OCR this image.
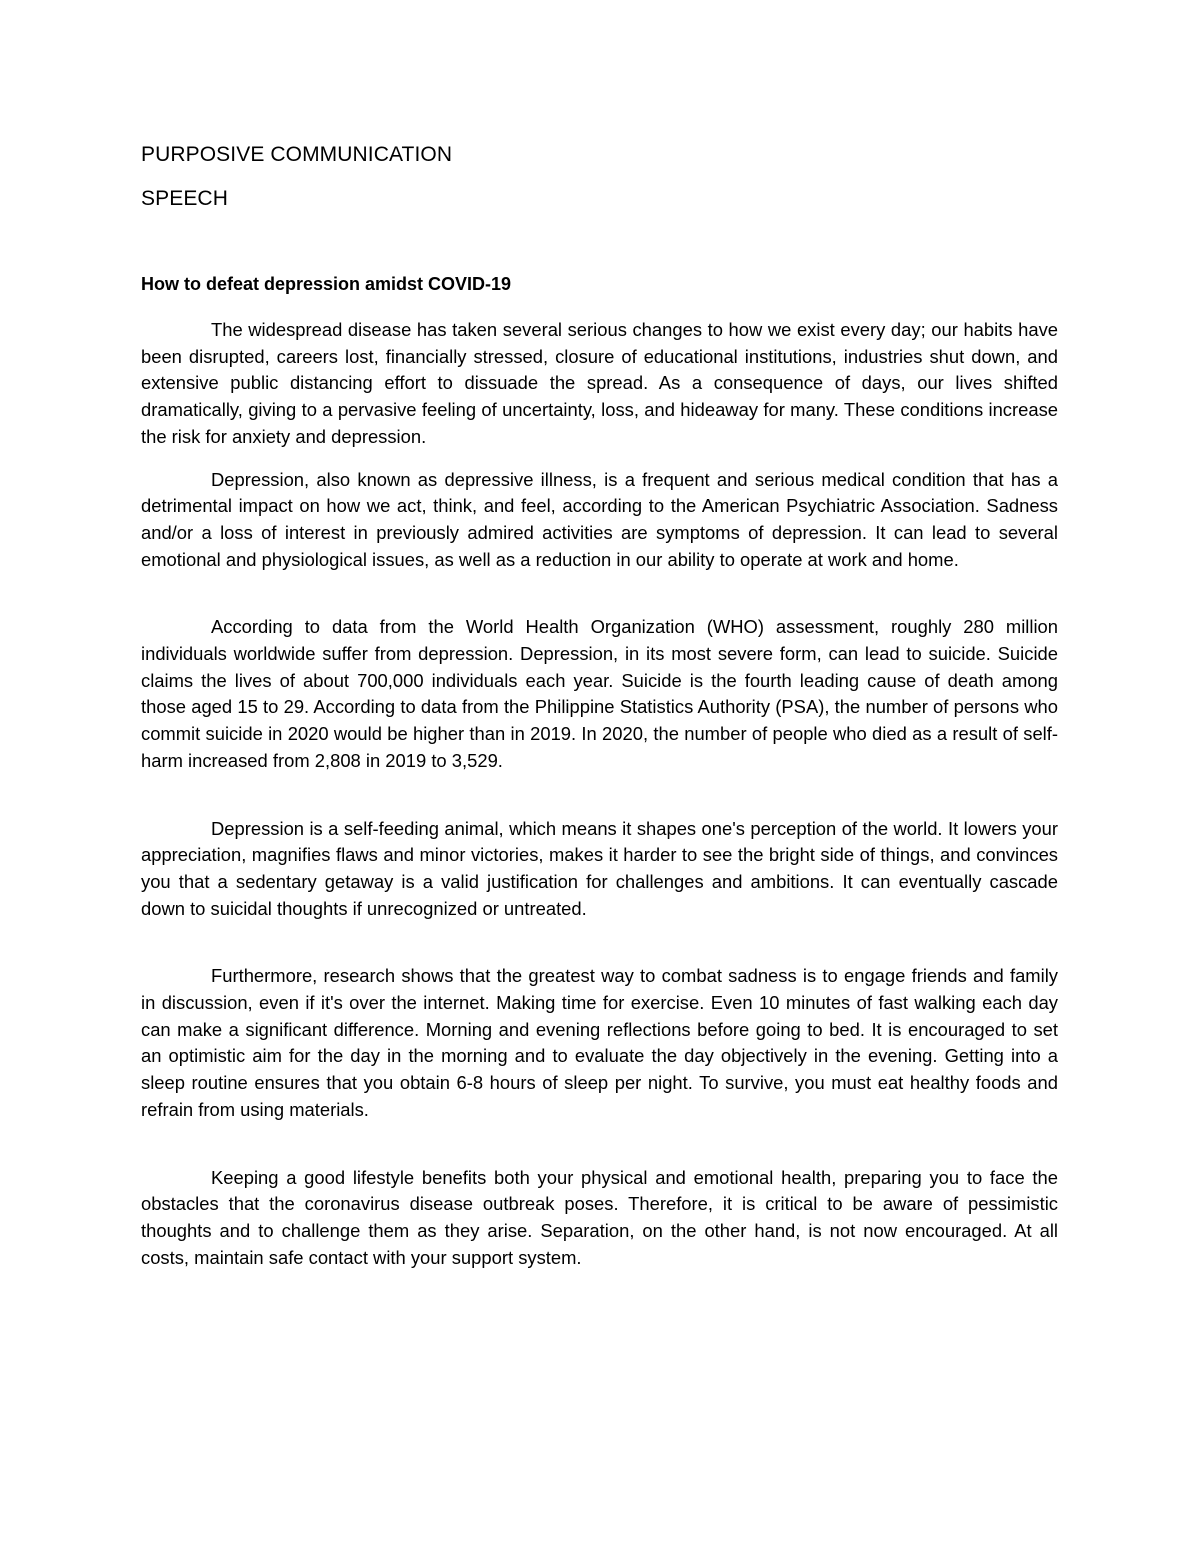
PURPOSIVE COMMUNICATION

SPEECH

How to defeat depression amidst COVID-19

The widespread disease has taken several serious changes to how we exist every day; our habits have been disrupted, careers lost, financially stressed, closure of educational institutions, industries shut down, and extensive public distancing effort to dissuade the spread. As a consequence of days, our lives shifted dramatically, giving to a pervasive feeling of uncertainty, loss, and hideaway for many. These conditions increase the risk for anxiety and depression.

Depression, also known as depressive illness, is a frequent and serious medical condition that has a detrimental impact on how we act, think, and feel, according to the American Psychiatric Association. Sadness and/or a loss of interest in previously admired activities are symptoms of depression. It can lead to several emotional and physiological issues, as well as a reduction in our ability to operate at work and home.

According to data from the World Health Organization (WHO) assessment, roughly 280 million individuals worldwide suffer from depression. Depression, in its most severe form, can lead to suicide. Suicide claims the lives of about 700,000 individuals each year. Suicide is the fourth leading cause of death among those aged 15 to 29. According to data from the Philippine Statistics Authority (PSA), the number of persons who commit suicide in 2020 would be higher than in 2019. In 2020, the number of people who died as a result of self-harm increased from 2,808 in 2019 to 3,529.

Depression is a self-feeding animal, which means it shapes one's perception of the world. It lowers your appreciation, magnifies flaws and minor victories, makes it harder to see the bright side of things, and convinces you that a sedentary getaway is a valid justification for challenges and ambitions. It can eventually cascade down to suicidal thoughts if unrecognized or untreated.

Furthermore, research shows that the greatest way to combat sadness is to engage friends and family in discussion, even if it's over the internet. Making time for exercise. Even 10 minutes of fast walking each day can make a significant difference. Morning and evening reflections before going to bed. It is encouraged to set an optimistic aim for the day in the morning and to evaluate the day objectively in the evening. Getting into a sleep routine ensures that you obtain 6-8 hours of sleep per night. To survive, you must eat healthy foods and refrain from using materials.

Keeping a good lifestyle benefits both your physical and emotional health, preparing you to face the obstacles that the coronavirus disease outbreak poses. Therefore, it is critical to be aware of pessimistic thoughts and to challenge them as they arise. Separation, on the other hand, is not now encouraged. At all costs, maintain safe contact with your support system.
